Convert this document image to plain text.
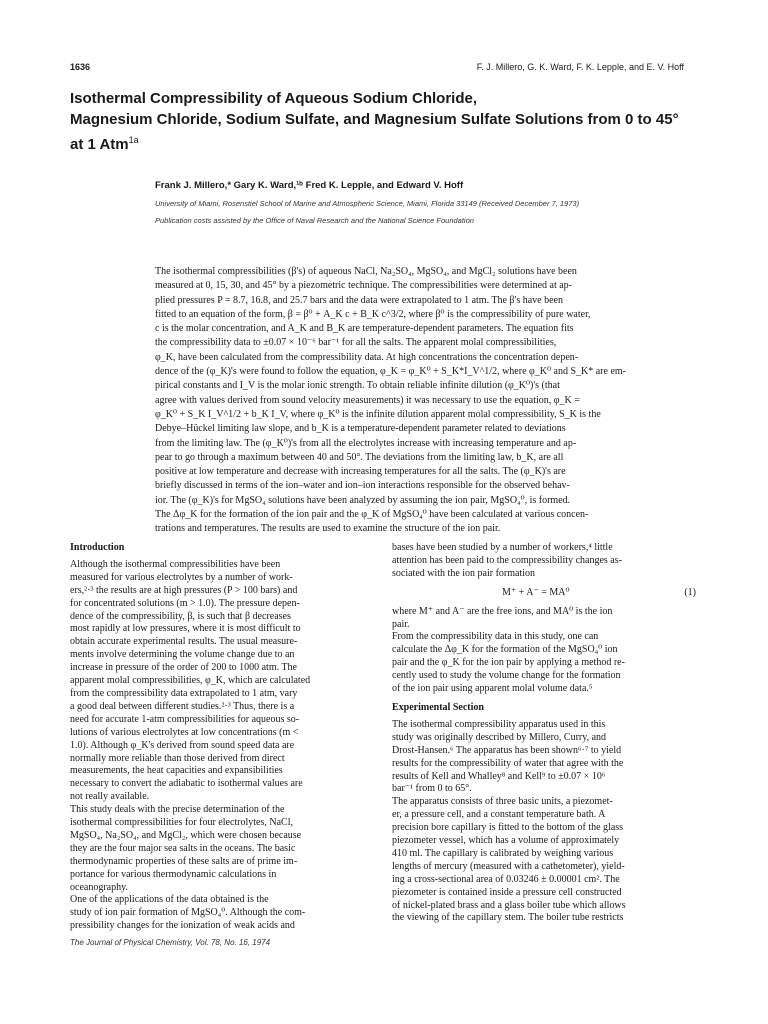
1636	F. J. Millero, G. K. Ward, F. K. Lepple, and E. V. Hoff
Isothermal Compressibility of Aqueous Sodium Chloride,
Magnesium Chloride, Sodium Sulfate, and Magnesium Sulfate Solutions from 0 to 45°
at 1 Atm$^{1a}$
Frank J. Millero,* Gary K. Ward,¹ᵇ Fred K. Lepple, and Edward V. Hoff
University of Miami, Rosenstiel School of Marine and Atmospheric Science, Miami, Florida 33149 (Received December 7, 1973)
Publication costs assisted by the Office of Naval Research and the National Science Foundation
The isothermal compressibilities (β's) of aqueous NaCl, Na₂SO₄, MgSO₄, and MgCl₂ solutions have been
measured at 0, 15, 30, and 45° by a piezometric technique. The compressibilities were determined at ap-
plied pressures P = 8.7, 16.8, and 25.7 bars and the data were extrapolated to 1 atm. The β's have been
fitted to an equation of the form, β = β⁰ + A_K c + B_K c^3/2, where β⁰ is the compressibility of pure water,
c is the molar concentration, and A_K and B_K are temperature-dependent parameters. The equation fits
the compressibility data to ±0.07 × 10⁻⁶ bar⁻¹ for all the salts. The apparent molal compressibilities,
φ_K, have been calculated from the compressibility data. At high concentrations the concentration depen-
dence of the (φ_K)'s were found to follow the equation, φ_K = φ_K⁰ + S_K*I_V^1/2, where φ_K⁰ and S_K* are em-
pirical constants and I_V is the molar ionic strength. To obtain reliable infinite dilution (φ_K⁰)'s (that
agree with values derived from sound velocity measurements) it was necessary to use the equation, φ_K =
φ_K⁰ + S_K I_V^1/2 + b_K I_V, where φ_K⁰ is the infinite dilution apparent molal compressibility, S_K is the
Debye–Hückel limiting law slope, and b_K is a temperature-dependent parameter related to deviations
from the limiting law. The (φ_K⁰)'s from all the electrolytes increase with increasing temperature and ap-
pear to go through a maximum between 40 and 50°. The deviations from the limiting law, b_K, are all
positive at low temperature and decrease with increasing temperatures for all the salts. The (φ_K)'s are
briefly discussed in terms of the ion–water and ion–ion interactions responsible for the observed behav-
ior. The (φ_K)'s for MgSO₄ solutions have been analyzed by assuming the ion pair, MgSO₄⁰, is formed.
The Δφ_K for the formation of the ion pair and the φ_K of MgSO₄⁰ have been calculated at various concen-
trations and temperatures. The results are used to examine the structure of the ion pair.
Introduction
Although the isothermal compressibilities have been
measured for various electrolytes by a number of work-
ers,²·³ the results are at high pressures (P > 100 bars) and
for concentrated solutions (m > 1.0). The pressure depen-
dence of the compressibility, β, is such that β decreases
most rapidly at low pressures, where it is most difficult to
obtain accurate experimental results. The usual measure-
ments involve determining the volume change due to an
increase in pressure of the order of 200 to 1000 atm. The
apparent molal compressibilities, φ_K, which are calculated
from the compressibility data extrapolated to 1 atm, vary
a good deal between different studies.²·³ Thus, there is a
need for accurate 1-atm compressibilities for aqueous so-
lutions of various electrolytes at low concentrations (m <
1.0). Although φ_K's derived from sound speed data are
normally more reliable than those derived from direct
measurements, the heat capacities and expansibilities
necessary to convert the adiabatic to isothermal values are
not really available.
This study deals with the precise determination of the
isothermal compressibilities for four electrolytes, NaCl,
MgSO₄, Na₂SO₄, and MgCl₂, which were chosen because
they are the four major sea salts in the oceans. The basic
thermodynamic properties of these salts are of prime im-
portance for various thermodynamic calculations in
oceanography.
One of the applications of the data obtained is the
study of ion pair formation of MgSO₄⁰. Although the com-
pressibility changes for the ionization of weak acids and
bases have been studied by a number of workers,⁴ little
attention has been paid to the compressibility changes as-
sociated with the ion pair formation
M⁺ + A⁻ = MA⁰	(1)
where M⁺ and A⁻ are the free ions, and MA⁰ is the ion
pair.
From the compressibility data in this study, one can
calculate the Δφ_K for the formation of the MgSO₄⁰ ion
pair and the φ_K for the ion pair by applying a method re-
cently used to study the volume change for the formation
of the ion pair using apparent molal volume data.⁵
Experimental Section
The isothermal compressibility apparatus used in this
study was originally described by Millero, Curry, and
Drost-Hansen.⁶ The apparatus has been shown⁶·⁷ to yield
results for the compressibility of water that agree with the
results of Kell and Whalley⁸ and Kell⁹ to ±0.07 × 10⁶
bar⁻¹ from 0 to 65°.
The apparatus consists of three basic units, a piezomet-
er, a pressure cell, and a constant temperature bath. A
precision bore capillary is fitted to the bottom of the glass
piezometer vessel, which has a volume of approximately
410 ml. The capillary is calibrated by weighing various
lengths of mercury (measured with a cathetometer), yield-
ing a cross-sectional area of 0.03246 ± 0.00001 cm². The
piezometer is contained inside a pressure cell constructed
of nickel-plated brass and a glass boiler tube which allows
the viewing of the capillary stem. The boiler tube restricts
The Journal of Physical Chemistry, Vol. 78, No. 16, 1974
